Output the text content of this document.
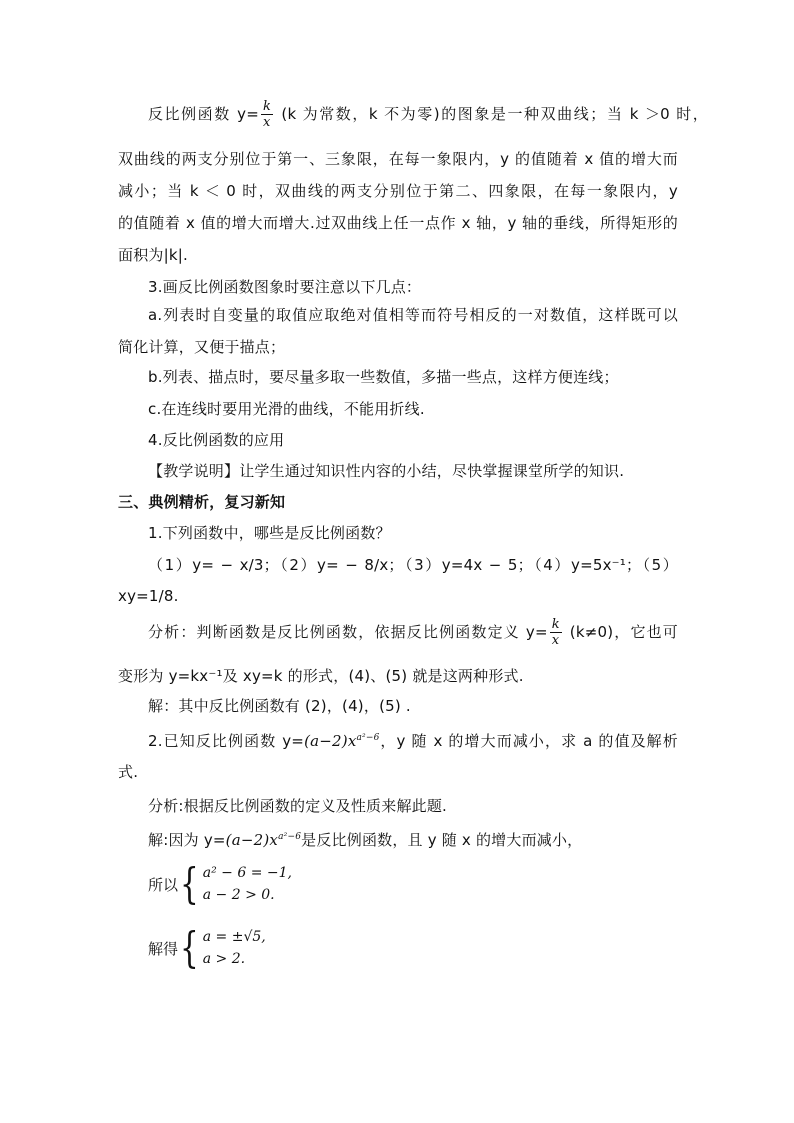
反比例函数 $y= \frac{k}{x} (k$ 为常数，k 不为零)的图象是一种双曲线；当 k ＞0 时，
双曲线的两支分别位于第一、三象限，在每一象限内，y 的值随着 x 值的增大而
减小；当 k ＜ 0 时，双曲线的两支分别位于第二、四象限，在每一象限内，y
的值随着 x 值的增大而增大.过双曲线上任一点作 x 轴，y 轴的垂线，所得矩形的
面积为|k|.
3.画反比例函数图象时要注意以下几点：
a.列表时自变量的取值应取绝对值相等而符号相反的一对数值，这样既可以
简化计算，又便于描点；
b.列表、描点时，要尽量多取一些数值，多描一些点，这样方便连线；
c.在连线时要用光滑的曲线，不能用折线.
4.反比例函数的应用
【教学说明】让学生通过知识性内容的小结，尽快掌握课堂所学的知识.
三、典例精析，复习新知
1.下列函数中，哪些是反比例函数？
（1）y= − x/3；（2）y= − 8/x；（3）y=4x − 5；（4）y=5x⁻¹；（5）
xy=1/8.
分析：判断函数是反比例函数，依据反比例函数定义 $y= \frac{k}{x} (k\ne 0)$，它也可
变形为 y=kx⁻¹及 xy=k 的形式，(4)、(5) 就是这两种形式.
解：其中反比例函数有 (2)，(4)，(5) .
2.已知反比例函数 $y=(a-2)x^{a^2-6}$，y 随 x 的增大而减小，求 a 的值及解析
式.
分析:根据反比例函数的定义及性质来解此题.
解:因为 $y=(a-2)x^{a^2-6}$是反比例函数，且 y 随 x 的增大而减小，
所以 { a² − 6 = −1,
a − 2 > 0.
解得 { a = ±√5,
a > 2.
